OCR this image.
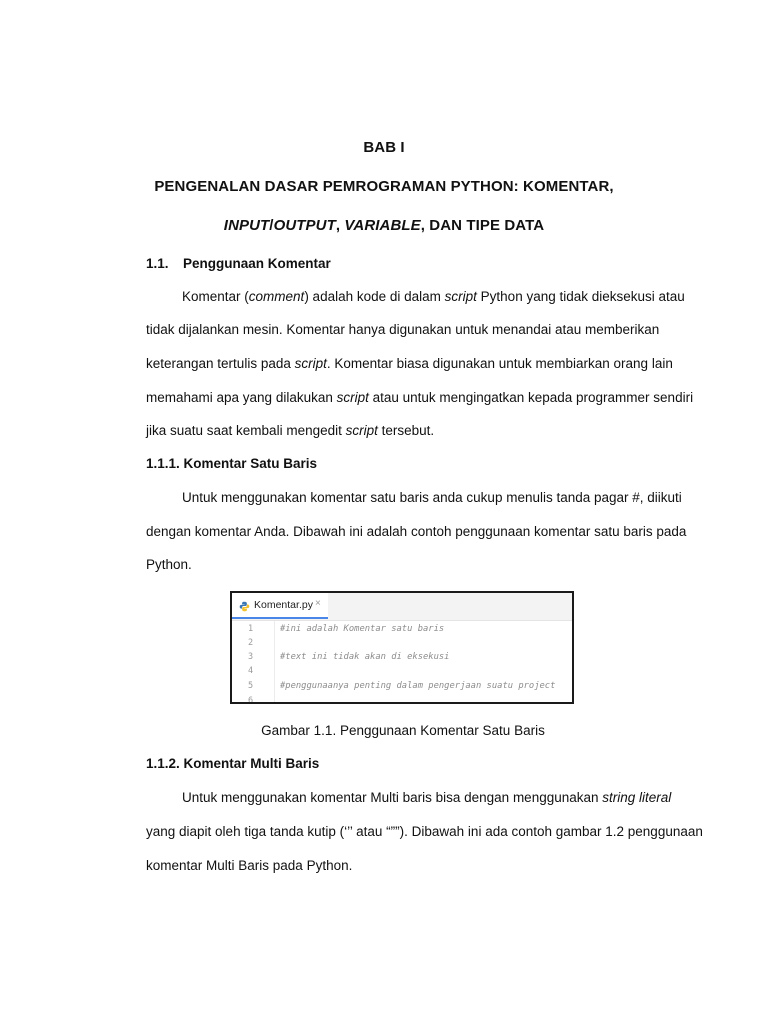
BAB I
PENGENALAN DASAR PEMROGRAMAN PYTHON: KOMENTAR,
INPUT/OUTPUT, VARIABLE, DAN TIPE DATA
1.1. Penggunaan Komentar
Komentar (comment) adalah kode di dalam script Python yang tidak dieksekusi atau
tidak dijalankan mesin. Komentar hanya digunakan untuk menandai atau memberikan
keterangan tertulis pada script. Komentar biasa digunakan untuk membiarkan orang lain
memahami apa yang dilakukan script atau untuk mengingatkan kepada programmer sendiri
jika suatu saat kembali mengedit script tersebut.
1.1.1. Komentar Satu Baris
Untuk menggunakan komentar satu baris anda cukup menulis tanda pagar #, diikuti
dengan komentar Anda. Dibawah ini adalah contoh penggunaan komentar satu baris pada
Python.
Komentar.py ×
1
2
3
4
5
6
#ini adalah Komentar satu baris
#text ini tidak akan di eksekusi
#penggunaanya penting dalam pengerjaan suatu project
Gambar 1.1. Penggunaan Komentar Satu Baris
1.1.2. Komentar Multi Baris
Untuk menggunakan komentar Multi baris bisa dengan menggunakan string literal
yang diapit oleh tiga tanda kutip (‘’’ atau “””). Dibawah ini ada contoh gambar 1.2 penggunaan
komentar Multi Baris pada Python.
